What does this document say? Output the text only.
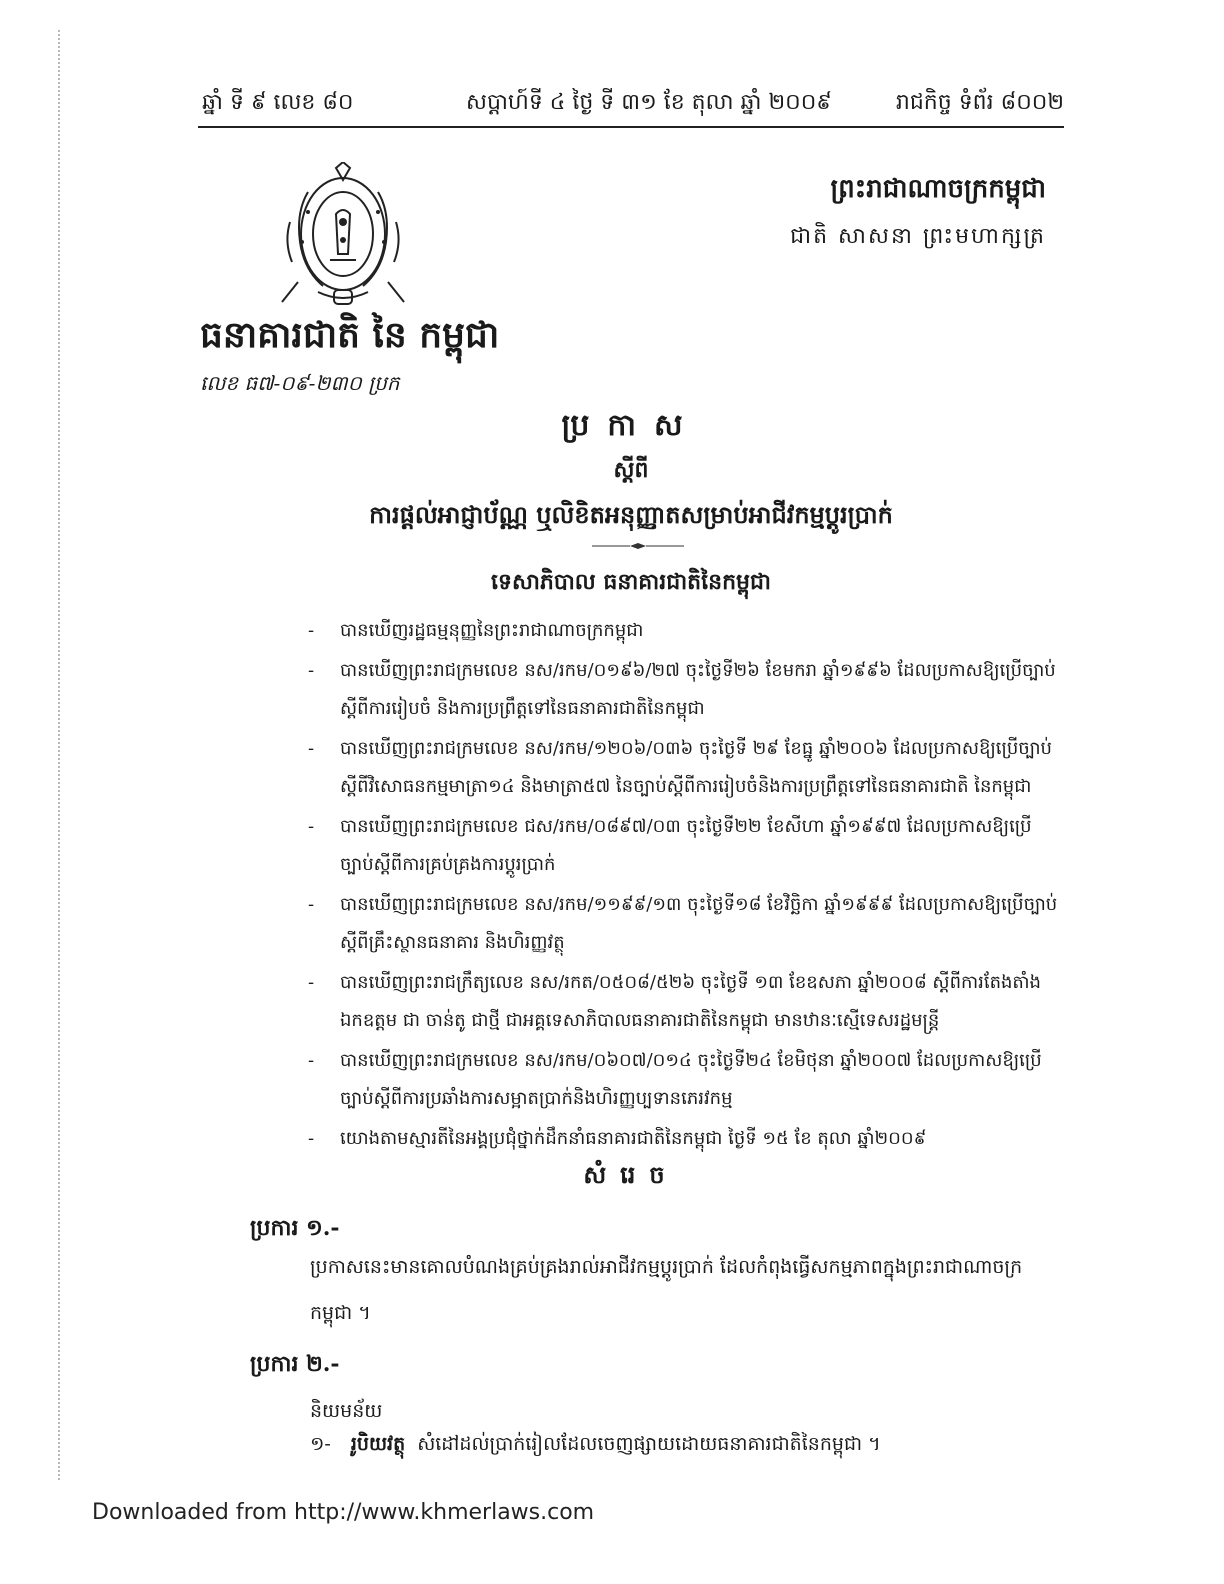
ឆ្នាំ ទី ៩ លេខ ៨០	សប្តាហ៍ទី ៤ ថ្ងៃ ទី ៣១ ខែ តុលា ឆ្នាំ ២០០៩	រាជកិច្ច ទំព័រ ៨០០២
ព្រះរាជាណាចក្រកម្ពុជា
ជាតិ សាសនា ព្រះមហាក្សត្រ
ធនាគារជាតិ នៃ កម្ពុជា
លេខ ធ៧-០៩-២៣០ ប្រក
ប្រកាស
ស្តីពី
ការផ្តល់អាជ្ញាប័ណ្ណ ឬលិខិតអនុញ្ញាតសម្រាប់អាជីវកម្មប្តូរប្រាក់
ទេសាភិបាល ធនាគារជាតិនៃកម្ពុជា
- បានឃើញរដ្ឋធម្មនុញ្ញនៃព្រះរាជាណាចក្រកម្ពុជា
- បានឃើញព្រះរាជក្រមលេខ នស/រកម/០១៩៦/២៧ ចុះថ្ងៃទី២៦ ខែមករា ឆ្នាំ១៩៩៦ ដែលប្រកាសឱ្យប្រើច្បាប់ស្តីពីការរៀបចំ និងការប្រព្រឹត្តទៅនៃធនាគារជាតិនៃកម្ពុជា
- បានឃើញព្រះរាជក្រមលេខ នស/រកម/១២០៦/០៣៦ ចុះថ្ងៃទី ២៩ ខែធ្នូ ឆ្នាំ២០០៦ ដែលប្រកាសឱ្យប្រើច្បាប់ស្តីពីវិសោធនកម្មមាត្រា១៤ និងមាត្រា៥៧ នៃច្បាប់ស្តីពីការរៀបចំនិងការប្រព្រឹត្តទៅនៃធនាគារជាតិ នៃកម្ពុជា
- បានឃើញព្រះរាជក្រមលេខ ជស/រកម/០៨៩៧/០៣ ចុះថ្ងៃទី២២ ខែសីហា ឆ្នាំ១៩៩៧ ដែលប្រកាសឱ្យប្រើច្បាប់ស្តីពីការគ្រប់គ្រងការប្តូរប្រាក់
- បានឃើញព្រះរាជក្រមលេខ នស/រកម/១១៩៩/១៣ ចុះថ្ងៃទី១៨ ខែវិច្ឆិកា ឆ្នាំ១៩៩៩ ដែលប្រកាសឱ្យប្រើច្បាប់ស្តីពីគ្រឹះស្ថានធនាគារ និងហិរញ្ញវត្ថុ
- បានឃើញព្រះរាជក្រឹត្យលេខ នស/រកត/០៥០៨/៥២៦ ចុះថ្ងៃទី ១៣ ខែឧសភា ឆ្នាំ២០០៨ ស្តីពីការតែងតាំងឯកឧត្តម ជា ចាន់តូ ជាថ្មី ជាអគ្គទេសាភិបាលធនាគារជាតិនៃកម្ពុជា មានឋានៈស្មើទេសរដ្ឋមន្ត្រី
- បានឃើញព្រះរាជក្រមលេខ នស/រកម/០៦០៧/០១៤ ចុះថ្ងៃទី២៤ ខែមិថុនា ឆ្នាំ២០០៧ ដែលប្រកាសឱ្យប្រើច្បាប់ស្តីពីការប្រឆាំងការសម្អាតប្រាក់និងហិរញ្ញប្បទានភេរវកម្ម
- យោងតាមស្មារតីនៃអង្គប្រជុំថ្នាក់ដឹកនាំធនាគារជាតិនៃកម្ពុជា ថ្ងៃទី ១៥ ខែ តុលា ឆ្នាំ២០០៩
សំរេច
ប្រការ ១.-
ប្រកាសនេះមានគោលបំណងគ្រប់គ្រងរាល់អាជីវកម្មប្តូរប្រាក់ ដែលកំពុងធ្វើសកម្មភាពក្នុងព្រះរាជាណាចក្រកម្ពុជា ។
ប្រការ ២.-
និយមន័យ
១- រូបិយវត្ថុ សំដៅដល់ប្រាក់រៀលដែលចេញផ្សាយដោយធនាគារជាតិនៃកម្ពុជា ។
Downloaded from http://www.khmerlaws.com
